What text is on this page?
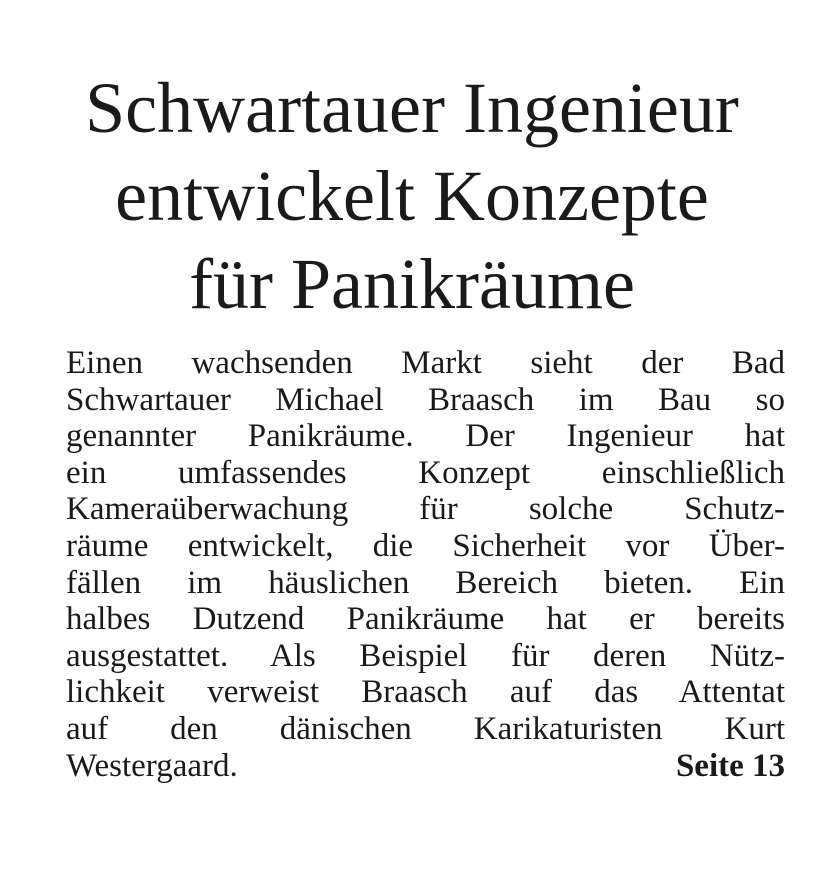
Schwartauer Ingenieur
entwickelt Konzepte
für Panikräume
Einen wachsenden Markt sieht der Bad
Schwartauer Michael Braasch im Bau so
genannter Panikräume. Der Ingenieur hat
ein umfassendes Konzept einschließlich
Kameraüberwachung für solche Schutz-
räume entwickelt, die Sicherheit vor Über-
fällen im häuslichen Bereich bieten. Ein
halbes Dutzend Panikräume hat er bereits
ausgestattet. Als Beispiel für deren Nütz-
lichkeit verweist Braasch auf das Attentat
auf den dänischen Karikaturisten Kurt
Westergaard.	Seite 13
